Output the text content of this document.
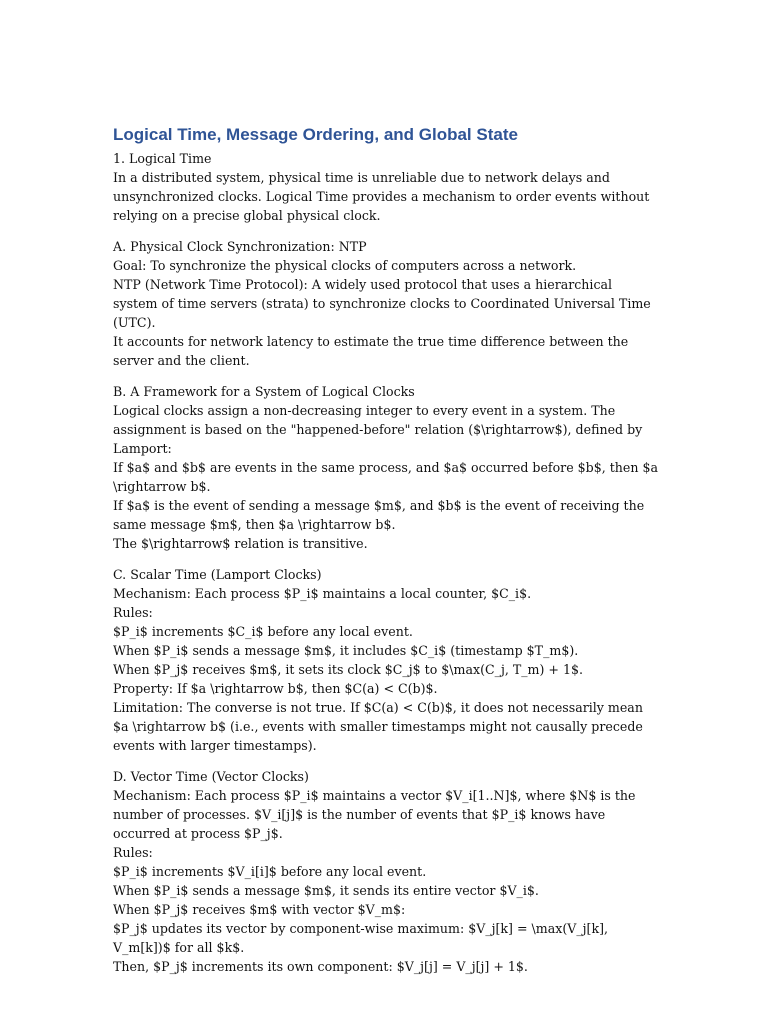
Logical Time, Message Ordering, and Global State

1. Logical Time

In a distributed system, physical time is unreliable due to network delays and unsynchronized clocks. Logical Time provides a mechanism to order events without relying on a precise global physical clock.

A. Physical Clock Synchronization: NTP

Goal: To synchronize the physical clocks of computers across a network.

NTP (Network Time Protocol): A widely used protocol that uses a hierarchical system of time servers (strata) to synchronize clocks to Coordinated Universal Time (UTC).

It accounts for network latency to estimate the true time difference between the server and the client.

B. A Framework for a System of Logical Clocks

Logical clocks assign a non-decreasing integer to every event in a system. The assignment is based on the "happened-before" relation ($\rightarrow$), defined by Lamport:

If $a$ and $b$ are events in the same process, and $a$ occurred before $b$, then $a \rightarrow b$.

If $a$ is the event of sending a message $m$, and $b$ is the event of receiving the same message $m$, then $a \rightarrow b$.

The $\rightarrow$ relation is transitive.

C. Scalar Time (Lamport Clocks)

Mechanism: Each process $P_i$ maintains a local counter, $C_i$.

Rules:

$P_i$ increments $C_i$ before any local event.

When $P_i$ sends a message $m$, it includes $C_i$ (timestamp $T_m$).

When $P_j$ receives $m$, it sets its clock $C_j$ to $\max(C_j, T_m) + 1$.

Property: If $a \rightarrow b$, then $C(a) < C(b)$.

Limitation: The converse is not true. If $C(a) < C(b)$, it does not necessarily mean $a \rightarrow b$ (i.e., events with smaller timestamps might not causally precede events with larger timestamps).

D. Vector Time (Vector Clocks)

Mechanism: Each process $P_i$ maintains a vector $V_i[1..N]$, where $N$ is the number of processes. $V_i[j]$ is the number of events that $P_i$ knows have occurred at process $P_j$.

Rules:

$P_i$ increments $V_i[i]$ before any local event.

When $P_i$ sends a message $m$, it sends its entire vector $V_i$.

When $P_j$ receives $m$ with vector $V_m$:

$P_j$ updates its vector by component-wise maximum: $V_j[k] = \max(V_j[k], V_m[k])$ for all $k$.

Then, $P_j$ increments its own component: $V_j[j] = V_j[j] + 1$.
